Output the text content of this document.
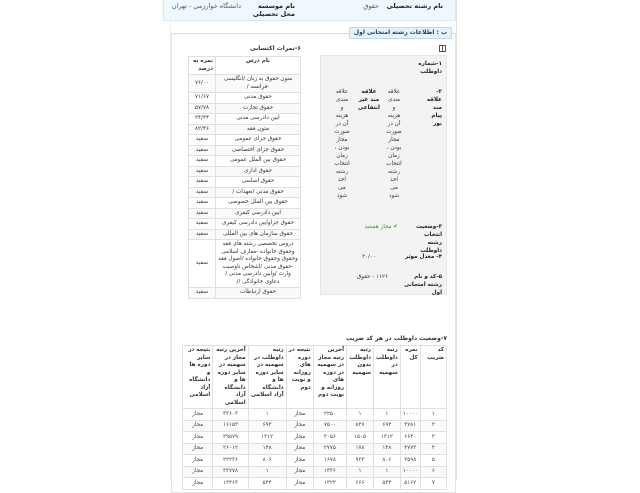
نام رشته تحصیلی
حقوق
نام موسسه محل تحصیلی
دانشگاه خوارزمی - تهران
ب : اطلاعات رشته امتحانی اول
۱-شماره داوطلب
۲-علاقه مند پیام نور
علاقه مندی و هزینه آن در صورت مجاز بودن ، زمان انتخاب رشته اخذ می شود
علاقه مند غیر انتفاعی
علاقه مندی و هزینه آن در صورت مجاز بودن ، زمان انتخاب رشته اخذ می شود
۳-وضعیت انتخاب رشته داوطلب
✔ مجاز هستید
۴- معدل موثر
۲۰/۰۰
۵-کد و نام رشته امتحانی اول
۱۱۲۶ - حقوق
۶-نمرات اکتسابی
نام درس	نمره به درصد
متون حقوق به زبان /انگلیسی -فرانسه /	۷۶/۰۰
حقوق مدنی	۷۱/۶۷
حقوق تجارت	۵۷/۷۸
ایین دادرسی مدنی	۲۴/۴۴
متون فقه	۸۲/۴۶
حقوق جزای عمومی	سفید
حقوق جزای اختصاصی	سفید
حقوق بین الملل عمومی	سفید
حقوق اداری	سفید
حقوق اساسی	سفید
حقوق مدنی /تعهدات /	سفید
حقوق بین الملل خصوصی	سفید
ایین دادرسی کیفری	سفید
حقوق جزاوایین دادرسی کیفری	سفید
حقوق سازمان های بین المللی	سفید
دروس تخصصی رشته های فقه وحقوق خانواده -معارف اسلامی وحقوق وحقوق خانواده /اصول فقه -حقوق مدنی /اشخاص تاوصیت وارث /وایین دادرسی مدنی /دعاوی خانوادگی //	سفید
حقوق ارتباطات	سفید
۷-وضعیت داوطلب در هر کد ضریب
کد ضریب	نمره کل	رتبه داوطلب در سهمیه	رتبه داوطلب بدون سهمیه	آخرین رتبه مجاز در سهمیه در دوره های روزانه و نوبت دوم	نتیجه در دوره های روزانه و نوبت دوم	رتبه داوطلب در سهمیه در سایر دوره ها و دانشگاه آزاد اسلامی	آخرین رتبه مجاز در سهمیه در سایر دوره ها و دانشگاه آزاد اسلامی	نتیجه در سایر دوره ها و دانشگاه آزاد اسلامی
۱	۱۰۰۰۰	۱	۱	۲۲۵۰	مجاز	۱	۳۳۶۰۳	مجاز
۲	۳۷۸۱	۶۹۲	۸۲۷	۷۵۰۰	مجاز	۶۹۲	۱۶۱۵۳	مجاز
۳	۶۶۴۰	۱۳۱۲	۱۵۰۵	۳۰۵۶	مجاز	۱۳۱۲	۳۹۵۷۹	مجاز
۴	۴۷۷۳	۱۴۸	۱۷۸	۲۷۷۵	مجاز	۱۴۸	۲۶۰۱۲	مجاز
۵	۳۵۹۸	۸۰۶	۹۲۳	۱۶۷۸	مجاز	۸۰۶	۲۲۲۳۶	مجاز
۶	۱۰۰۰۰	۱	۱	۱۳۳۶	مجاز	۱	۳۳۷۷۸	مجاز
۷	۵۱۶۲	۵۴۴	۶۶۶	۱۳۲۳	مجاز	۵۴۴	۱۳۴۶۳	مجاز
